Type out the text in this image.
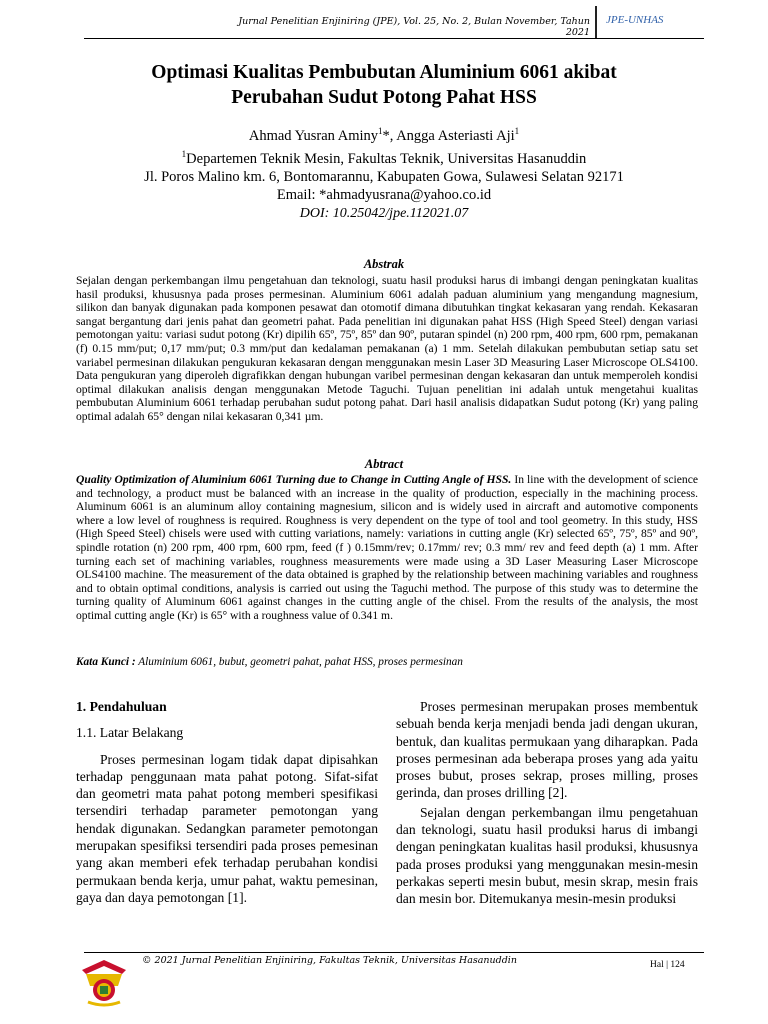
Jurnal Penelitian Enjiniring (JPE), Vol. 25, No. 2, Bulan November, Tahun 2021
JPE-UNHAS
Optimasi Kualitas Pembubutan Aluminium 6061 akibat
Perubahan Sudut Potong Pahat HSS
Ahmad Yusran Aminy$^1$*, Angga Asteriasti Aji$^1$
$^1$Departemen Teknik Mesin, Fakultas Teknik, Universitas Hasanuddin
Jl. Poros Malino km. 6, Bontomarannu, Kabupaten Gowa, Sulawesi Selatan 92171
Email: *ahmadyusrana@yahoo.co.id
DOI: 10.25042/jpe.112021.07
Abstrak

Sejalan dengan perkembangan ilmu pengetahuan dan teknologi, suatu hasil produksi harus di imbangi dengan peningkatan kualitas hasil produksi, khususnya pada proses permesinan. Aluminium 6061 adalah paduan aluminium yang mengandung magnesium, silikon dan banyak digunakan pada komponen pesawat dan otomotif dimana dibutuhkan tingkat kekasaran yang rendah. Kekasaran sangat bergantung dari jenis pahat dan geometri pahat. Pada penelitian ini digunakan pahat HSS (High Speed Steel) dengan variasi pemotongan yaitu: variasi sudut potong (Kr) dipilih 65º, 75º, 85º dan 90º, putaran spindel (n) 200 rpm, 400 rpm, 600 rpm, pemakanan (f) 0.15 mm/put; 0,17 mm/put; 0.3 mm/put dan kedalaman pemakanan (a) 1 mm. Setelah dilakukan pembubutan setiap satu set variabel permesinan dilakukan pengukuran kekasaran dengan menggunakan mesin Laser 3D Measuring Laser Microscope OLS4100. Data pengukuran yang diperoleh digrafikkan dengan hubungan varibel permesinan dengan kekasaran dan untuk memperoleh kondisi optimal dilakukan analisis dengan menggunakan Metode Taguchi. Tujuan penelitian ini adalah untuk mengetahui kualitas pembubutan Aluminium 6061 terhadap perubahan sudut potong pahat. Dari hasil analisis didapatkan Sudut potong (Kr) yang paling optimal adalah 65° dengan nilai kekasaran 0,341 µm.

Abtract

Quality Optimization of Aluminium 6061 Turning due to Change in Cutting Angle of HSS. In line with the development of science and technology, a product must be balanced with an increase in the quality of production, especially in the machining process. Aluminum 6061 is an aluminum alloy containing magnesium, silicon and is widely used in aircraft and automotive components where a low level of roughness is required. Roughness is very dependent on the type of tool and tool geometry. In this study, HSS (High Speed Steel) chisels were used with cutting variations, namely: variations in cutting angle (Kr) selected 65º, 75º, 85º and 90º, spindle rotation (n) 200 rpm, 400 rpm, 600 rpm, feed (f ) 0.15mm/rev; 0.17mm/ rev; 0.3 mm/ rev and feed depth (a) 1 mm. After turning each set of machining variables, roughness measurements were made using a 3D Laser Measuring Laser Microscope OLS4100 machine. The measurement of the data obtained is graphed by the relationship between machining variables and roughness and to obtain optimal conditions, analysis is carried out using the Taguchi method. The purpose of this study was to determine the turning quality of Aluminum 6061 against changes in the cutting angle of the chisel. From the results of the analysis, the most optimal cutting angle (Kr) is 65° with a roughness value of 0.341 m.

Kata Kunci : Aluminium 6061, bubut, geometri pahat, pahat HSS, proses permesinan
1. Pendahuluan
1.1. Latar Belakang

Proses permesinan logam tidak dapat dipisahkan terhadap penggunaan mata pahat potong. Sifat-sifat dan geometri mata pahat potong memberi spesifikasi tersendiri terhadap parameter pemotongan yang hendak digunakan. Sedangkan parameter pemotongan merupakan spesifiksi tersendiri pada proses pemesinan yang akan memberi efek terhadap perubahan kondisi permukaan benda kerja, umur pahat, waktu pemesinan, gaya dan daya pemotongan [1].

Proses permesinan merupakan proses membentuk sebuah benda kerja menjadi benda jadi dengan ukuran, bentuk, dan kualitas permukaan yang diharapkan. Pada proses permesinan ada beberapa proses yang ada yaitu proses bubut, proses sekrap, proses milling, proses gerinda, dan proses drilling [2].

Sejalan dengan perkembangan ilmu pengetahuan dan teknologi, suatu hasil produksi harus di imbangi dengan peningkatan kualitas hasil produksi, khususnya pada proses produksi yang menggunakan mesin-mesin perkakas seperti mesin bubut, mesin skrap, mesin frais dan mesin bor. Ditemukanya mesin-mesin produksi

© 2021 Jurnal Penelitian Enjiniring, Fakultas Teknik, Universitas Hasanuddin	Hal | 124
